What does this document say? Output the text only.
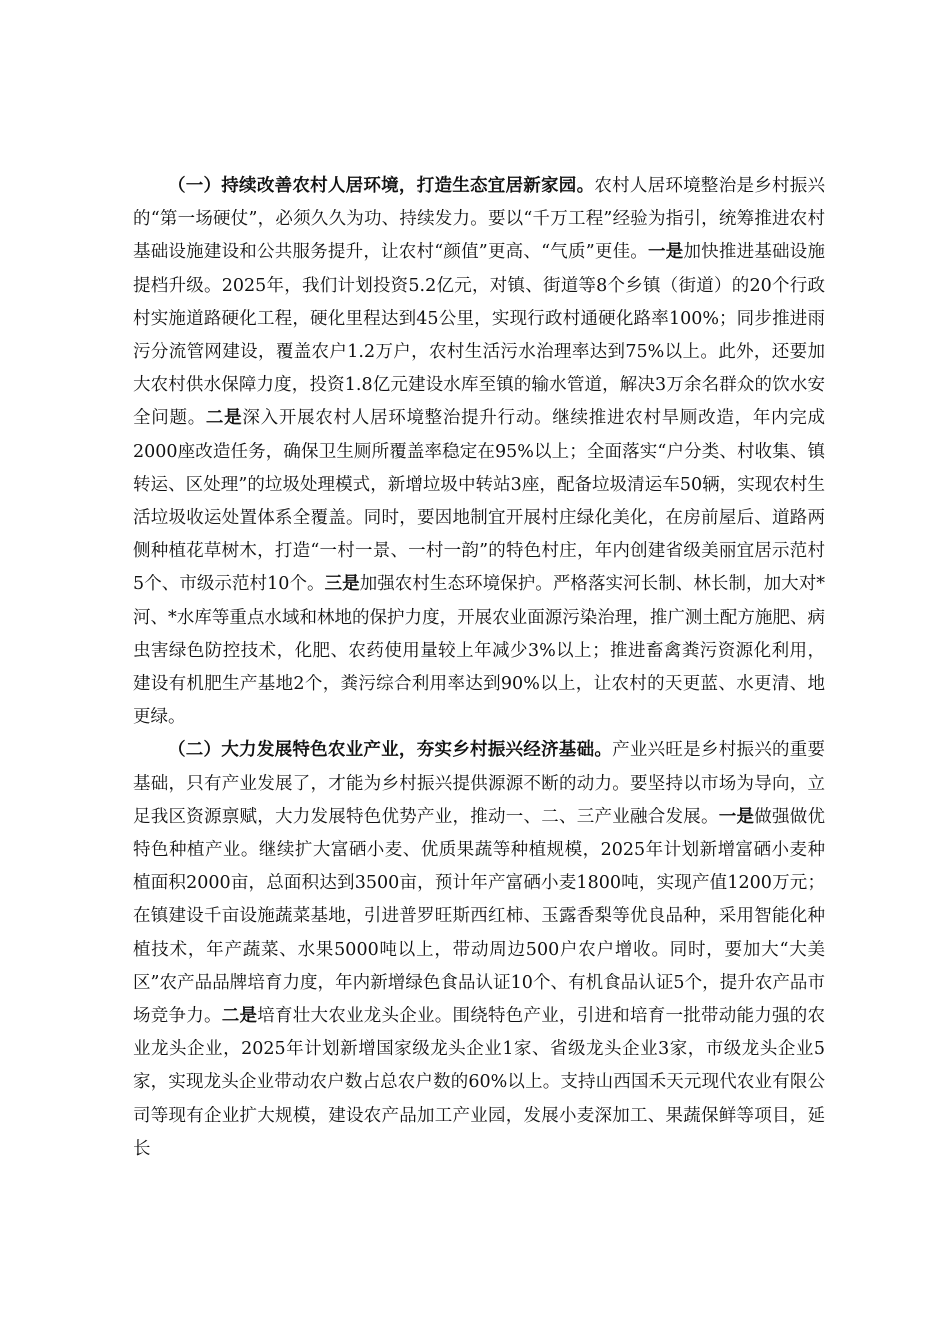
（一）持续改善农村人居环境，打造生态宜居新家园。农村人居环境整治是乡村振兴的“第一场硬仗”，必须久久为功、持续发力。要以“千万工程”经验为指引，统筹推进农村基础设施建设和公共服务提升，让农村“颜值”更高、“气质”更佳。一是加快推进基础设施提档升级。2025年，我们计划投资5.2亿元，对镇、街道等8个乡镇（街道）的20个行政村实施道路硬化工程，硬化里程达到45公里，实现行政村通硬化路率100%；同步推进雨污分流管网建设，覆盖农户1.2万户，农村生活污水治理率达到75%以上。此外，还要加大农村供水保障力度，投资1.8亿元建设水库至镇的输水管道，解决3万余名群众的饮水安全问题。二是深入开展农村人居环境整治提升行动。继续推进农村旱厕改造，年内完成2000座改造任务，确保卫生厕所覆盖率稳定在95%以上；全面落实“户分类、村收集、镇转运、区处理”的垃圾处理模式，新增垃圾中转站3座，配备垃圾清运车50辆，实现农村生活垃圾收运处置体系全覆盖。同时，要因地制宜开展村庄绿化美化，在房前屋后、道路两侧种植花草树木，打造“一村一景、一村一韵”的特色村庄，年内创建省级美丽宜居示范村5个、市级示范村10个。三是加强农村生态环境保护。严格落实河长制、林长制，加大对*河、*水库等重点水域和林地的保护力度，开展农业面源污染治理，推广测土配方施肥、病虫害绿色防控技术，化肥、农药使用量较上年减少3%以上；推进畜禽粪污资源化利用，建设有机肥生产基地2个，粪污综合利用率达到90%以上，让农村的天更蓝、水更清、地更绿。

（二）大力发展特色农业产业，夯实乡村振兴经济基础。产业兴旺是乡村振兴的重要基础，只有产业发展了，才能为乡村振兴提供源源不断的动力。要坚持以市场为导向，立足我区资源禀赋，大力发展特色优势产业，推动一、二、三产业融合发展。一是做强做优特色种植产业。继续扩大富硒小麦、优质果蔬等种植规模，2025年计划新增富硒小麦种植面积2000亩，总面积达到3500亩，预计年产富硒小麦1800吨，实现产值1200万元；在镇建设千亩设施蔬菜基地，引进普罗旺斯西红柿、玉露香梨等优良品种，采用智能化种植技术，年产蔬菜、水果5000吨以上，带动周边500户农户增收。同时，要加大“大美区”农产品品牌培育力度，年内新增绿色食品认证10个、有机食品认证5个，提升农产品市场竞争力。二是培育壮大农业龙头企业。围绕特色产业，引进和培育一批带动能力强的农业龙头企业，2025年计划新增国家级龙头企业1家、省级龙头企业3家，市级龙头企业5家，实现龙头企业带动农户数占总农户数的60%以上。支持山西国禾天元现代农业有限公司等现有企业扩大规模，建设农产品加工产业园，发展小麦深加工、果蔬保鲜等项目，延长
